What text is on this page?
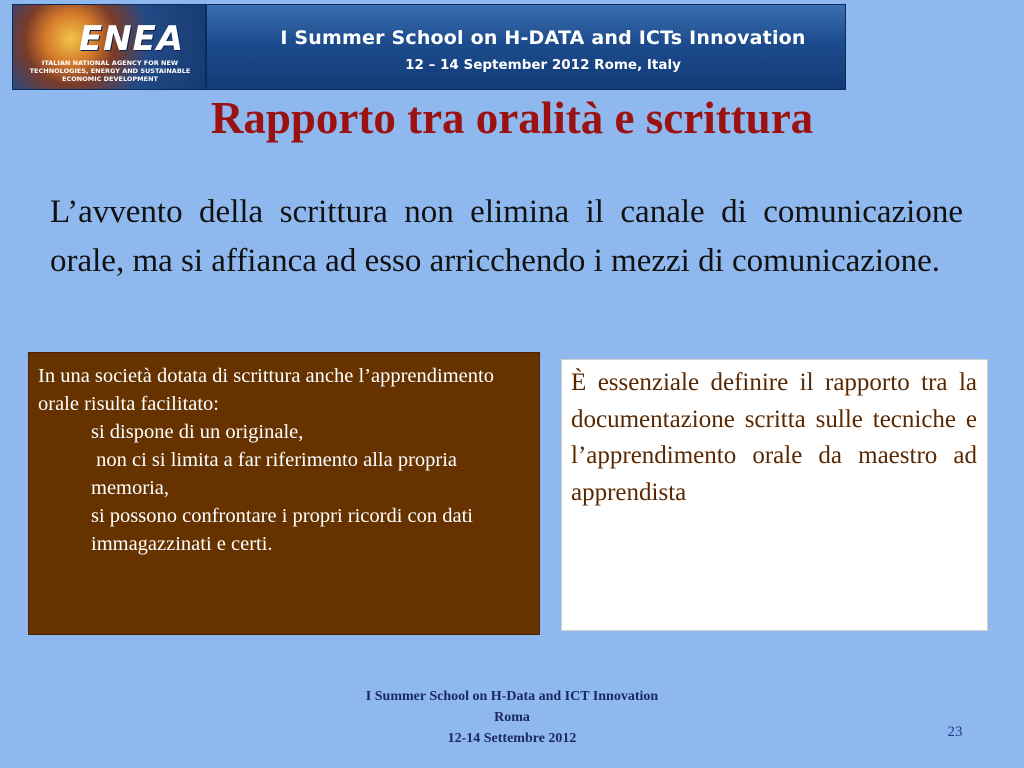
ENEA
ITALIAN NATIONAL AGENCY FOR NEW TECHNOLOGIES, ENERGY AND SUSTAINABLE ECONOMIC DEVELOPMENT
I Summer School on H-DATA and ICTs Innovation
12 – 14 September 2012 Rome, Italy
Rapporto tra oralità e scrittura
L’avvento della scrittura non elimina il canale di comunicazione orale, ma si affianca ad esso arricchendo i mezzi di comunicazione.
In una società dotata di scrittura anche l’apprendimento orale risulta facilitato:
si dispone di un originale,
non ci si limita a far riferimento alla propria memoria,
si possono confrontare i propri ricordi con dati immagazzinati e certi.
È essenziale definire il rapporto tra la documentazione scritta sulle tecniche e l’apprendimento orale da maestro ad apprendista
I Summer School on H-Data and ICT Innovation
Roma
12-14 Settembre 2012	23
